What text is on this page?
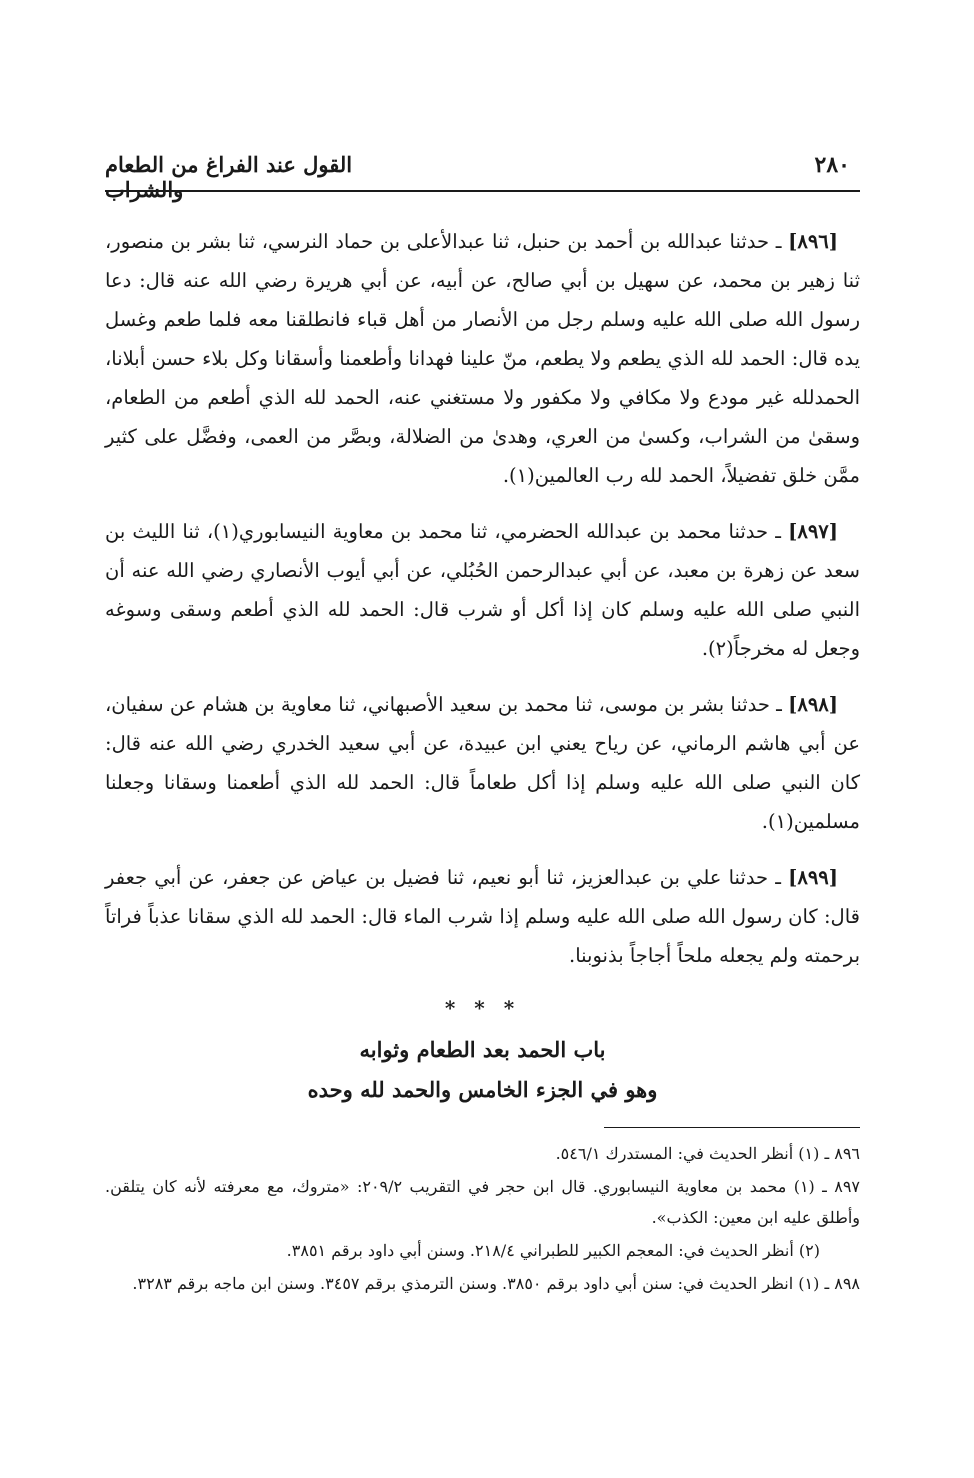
٢٨٠
القول عند الفراغ من الطعام والشراب

[٨٩٦] ـ حدثنا عبدالله بن أحمد بن حنبل، ثنا عبدالأعلى بن حماد النرسي، ثنا بشر بن منصور، ثنا زهير بن محمد، عن سهيل بن أبي صالح، عن أبيه، عن أبي هريرة رضي الله عنه قال: دعا رسول الله صلى الله عليه وسلم رجل من الأنصار من أهل قباء فانطلقنا معه فلما طعم وغسل يده قال: الحمد لله الذي يطعم ولا يطعم، منّ علينا فهدانا وأطعمنا وأسقانا وكل بلاء حسن أبلانا، الحمدلله غير مودع ولا مكافي ولا مكفور ولا مستغني عنه، الحمد لله الذي أطعم من الطعام، وسقىٰ من الشراب، وكسىٰ من العري، وهدىٰ من الضلالة، وبصَّر من العمى، وفضَّل على كثير ممَّن خلق تفضيلاً، الحمد لله رب العالمين(١).

[٨٩٧] ـ حدثنا محمد بن عبدالله الحضرمي، ثنا محمد بن معاوية النيسابوري(١)، ثنا الليث بن سعد عن زهرة بن معبد، عن أبي عبدالرحمن الحُبُلي، عن أبي أيوب الأنصاري رضي الله عنه أن النبي صلى الله عليه وسلم كان إذا أكل أو شرب قال: الحمد لله الذي أطعم وسقى وسوغه وجعل له مخرجاً(٢).

[٨٩٨] ـ حدثنا بشر بن موسى، ثنا محمد بن سعيد الأصبهاني، ثنا معاوية بن هشام عن سفيان، عن أبي هاشم الرماني، عن رياح يعني ابن عبيدة، عن أبي سعيد الخدري رضي الله عنه قال: كان النبي صلى الله عليه وسلم إذا أكل طعاماً قال: الحمد لله الذي أطعمنا وسقانا وجعلنا مسلمين(١).

[٨٩٩] ـ حدثنا علي بن عبدالعزيز، ثنا أبو نعيم، ثنا فضيل بن عياض عن جعفر، عن أبي جعفر قال: كان رسول الله صلى الله عليه وسلم إذا شرب الماء قال: الحمد لله الذي سقانا عذباً فراتاً برحمته ولم يجعله ملحاً أجاجاً بذنوبنا.

* * *
باب الحمد بعد الطعام وثوابه
وهو في الجزء الخامس والحمد لله وحده

٨٩٦ ـ (١) أنظر الحديث في: المستدرك ٥٤٦/١.

٨٩٧ ـ (١) محمد بن معاوية النيسابوري. قال ابن حجر في التقريب ٢٠٩/٢: «متروك، مع معرفته لأنه كان يتلقن. وأطلق عليه ابن معين: الكذب».

(٢) أنظر الحديث في: المعجم الكبير للطبراني ٢١٨/٤. وسنن أبي داود برقم ٣٨٥١.

٨٩٨ ـ (١) انظر الحديث في: سنن أبي داود برقم ٣٨٥٠. وسنن الترمذي برقم ٣٤٥٧. وسنن ابن ماجه برقم ٣٢٨٣.
